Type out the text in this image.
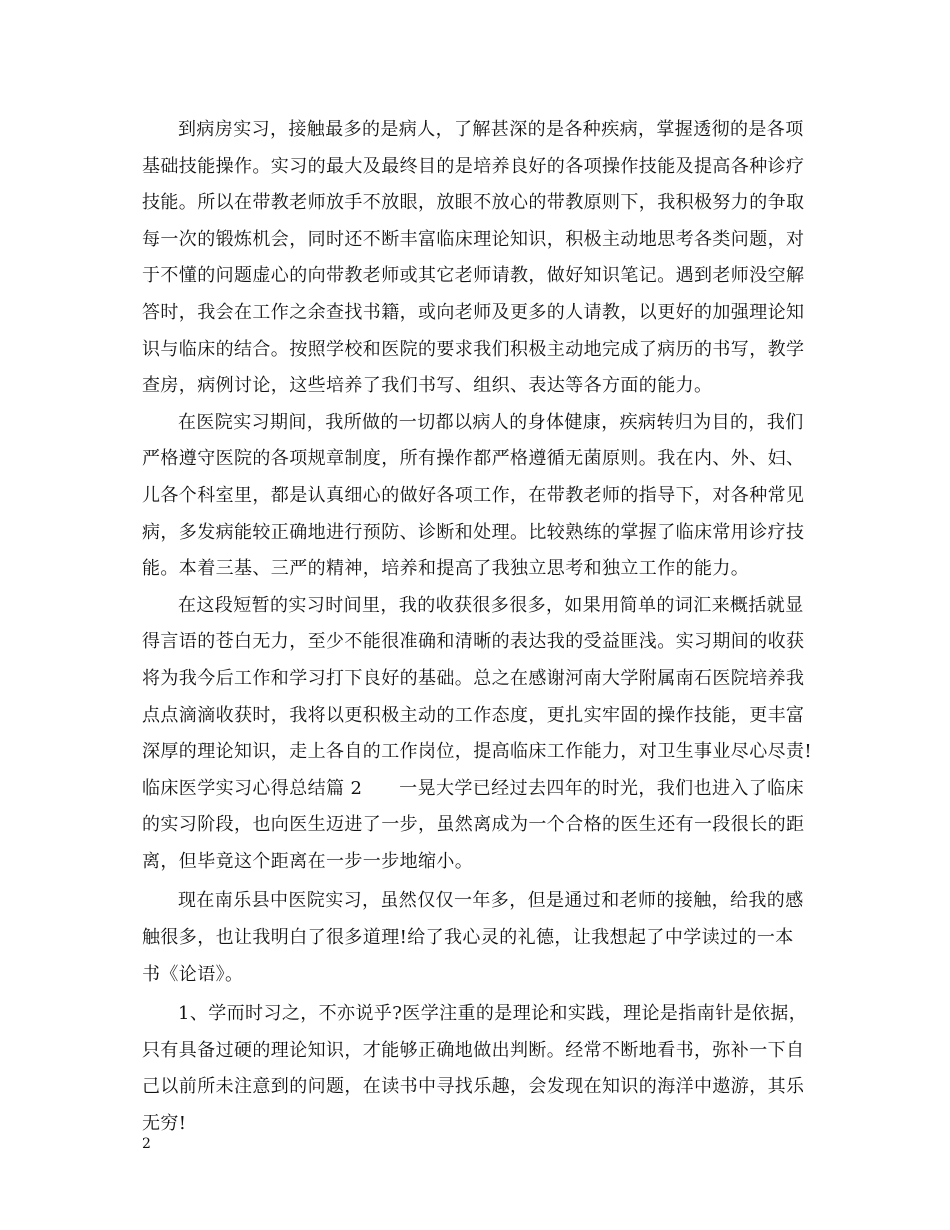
到病房实习，接触最多的是病人，了解甚深的是各种疾病，掌握透彻的是各项
基础技能操作。实习的最大及最终目的是培养良好的各项操作技能及提高各种诊疗
技能。所以在带教老师放手不放眼，放眼不放心的带教原则下，我积极努力的争取
每一次的锻炼机会，同时还不断丰富临床理论知识，积极主动地思考各类问题，对
于不懂的问题虚心的向带教老师或其它老师请教，做好知识笔记。遇到老师没空解
答时，我会在工作之余查找书籍，或向老师及更多的人请教，以更好的加强理论知
识与临床的结合。按照学校和医院的要求我们积极主动地完成了病历的书写，教学
查房，病例讨论，这些培养了我们书写、组织、表达等各方面的能力。
在医院实习期间，我所做的一切都以病人的身体健康，疾病转归为目的，我们
严格遵守医院的各项规章制度，所有操作都严格遵循无菌原则。我在内、外、妇、
儿各个科室里，都是认真细心的做好各项工作，在带教老师的指导下，对各种常见
病，多发病能较正确地进行预防、诊断和处理。比较熟练的掌握了临床常用诊疗技
能。本着三基、三严的精神，培养和提高了我独立思考和独立工作的能力。
在这段短暂的实习时间里，我的收获很多很多，如果用简单的词汇来概括就显
得言语的苍白无力，至少不能很准确和清晰的表达我的受益匪浅。实习期间的收获
将为我今后工作和学习打下良好的基础。总之在感谢河南大学附属南石医院培养我
点点滴滴收获时，我将以更积极主动的工作态度，更扎实牢固的操作技能，更丰富
深厚的理论知识，走上各自的工作岗位，提高临床工作能力，对卫生事业尽心尽责!
临床医学实习心得总结篇 2　　一晃大学已经过去四年的时光，我们也进入了临床
的实习阶段，也向医生迈进了一步，虽然离成为一个合格的医生还有一段很长的距
离，但毕竟这个距离在一步一步地缩小。
现在南乐县中医院实习，虽然仅仅一年多，但是通过和老师的接触，给我的感
触很多，也让我明白了很多道理!给了我心灵的礼德，让我想起了中学读过的一本
书《论语》。
1、学而时习之，不亦说乎?医学注重的是理论和实践，理论是指南针是依据，
只有具备过硬的理论知识，才能够正确地做出判断。经常不断地看书，弥补一下自
己以前所未注意到的问题，在读书中寻找乐趣，会发现在知识的海洋中遨游，其乐
无穷!
2
